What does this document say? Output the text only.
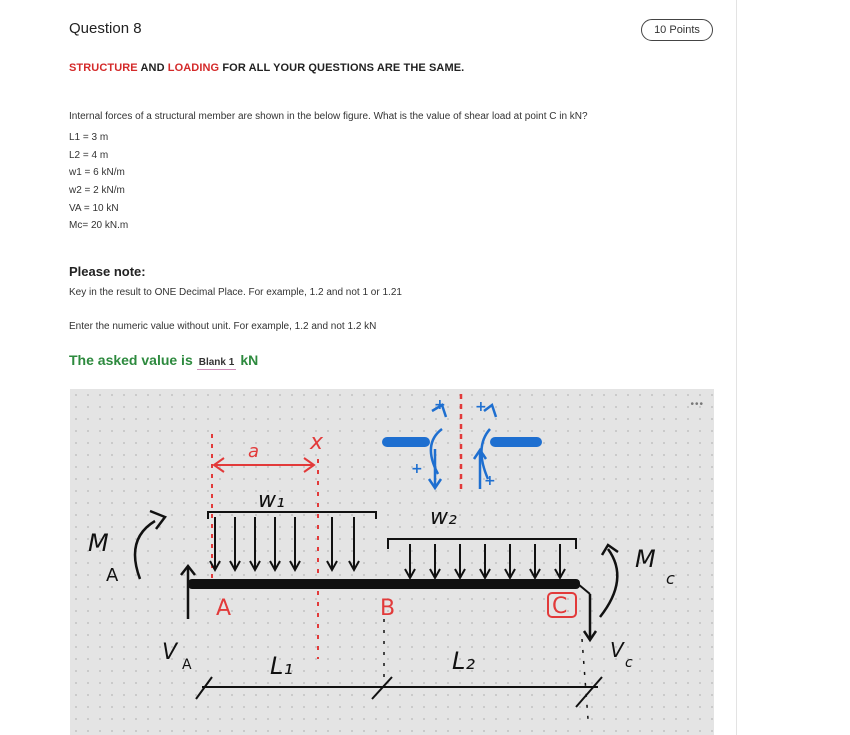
Question 8	10 Points
STRUCTURE AND LOADING FOR ALL YOUR QUESTIONS ARE THE SAME.
Internal forces of a structural member are shown in the below figure. What is the value of shear load at point C in kN?
L1 = 3 m
L2 = 4 m
w1 = 6 kN/m
w2 = 2 kN/m
VA = 10 kN
Mc= 20 kN.m
Please note:
Key in the result to ONE Decimal Place. For example, 1.2 and not 1 or 1.21
Enter the numeric value without unit. For example, 1.2 and not 1.2 kN
The asked value is Blank 1 kN
•••
a x
+
+ +
+
w₁
w₂
M
A
V A
M
c
V
c
A	B	C
L₁	L₂
